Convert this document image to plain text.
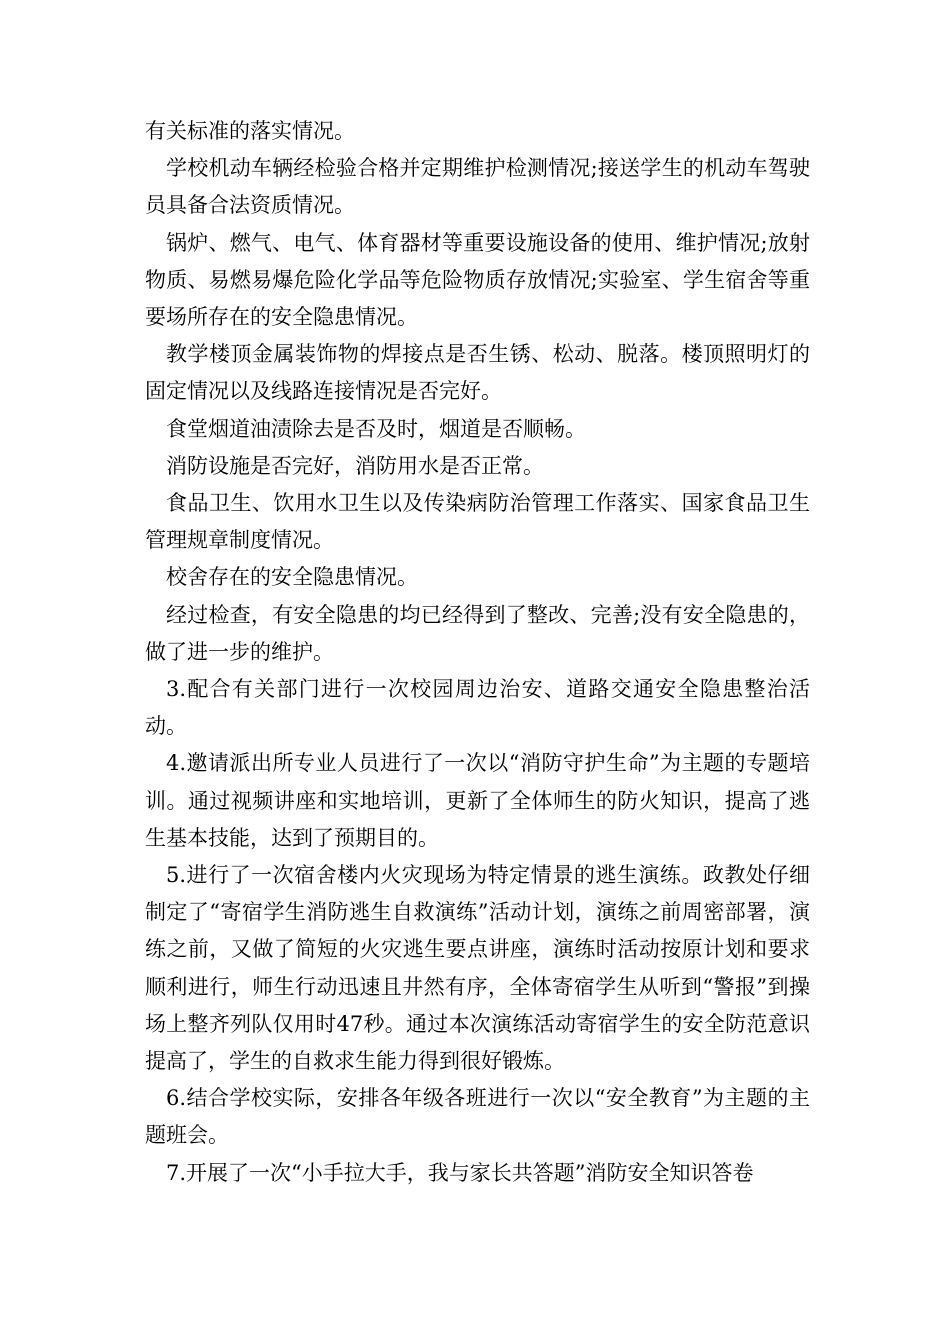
有关标准的落实情况。

学校机动车辆经检验合格并定期维护检测情况;接送学生的机动车驾驶员具备合法资质情况。

锅炉、燃气、电气、体育器材等重要设施设备的使用、维护情况;放射物质、易燃易爆危险化学品等危险物质存放情况;实验室、学生宿舍等重要场所存在的安全隐患情况。

教学楼顶金属装饰物的焊接点是否生锈、松动、脱落。楼顶照明灯的固定情况以及线路连接情况是否完好。

食堂烟道油渍除去是否及时，烟道是否顺畅。

消防设施是否完好，消防用水是否正常。

食品卫生、饮用水卫生以及传染病防治管理工作落实、国家食品卫生管理规章制度情况。

校舍存在的安全隐患情况。

经过检查，有安全隐患的均已经得到了整改、完善;没有安全隐患的，做了进一步的维护。

3.配合有关部门进行一次校园周边治安、道路交通安全隐患整治活动。

4.邀请派出所专业人员进行了一次以“消防守护生命”为主题的专题培训。通过视频讲座和实地培训，更新了全体师生的防火知识，提高了逃生基本技能，达到了预期目的。

5.进行了一次宿舍楼内火灾现场为特定情景的逃生演练。政教处仔细制定了“寄宿学生消防逃生自救演练”活动计划，演练之前周密部署，演练之前，又做了简短的火灾逃生要点讲座，演练时活动按原计划和要求顺利进行，师生行动迅速且井然有序，全体寄宿学生从听到“警报”到操场上整齐列队仅用时47秒。通过本次演练活动寄宿学生的安全防范意识提高了，学生的自救求生能力得到很好锻炼。

6.结合学校实际，安排各年级各班进行一次以“安全教育”为主题的主题班会。

7.开展了一次“小手拉大手，我与家长共答题”消防安全知识答卷
